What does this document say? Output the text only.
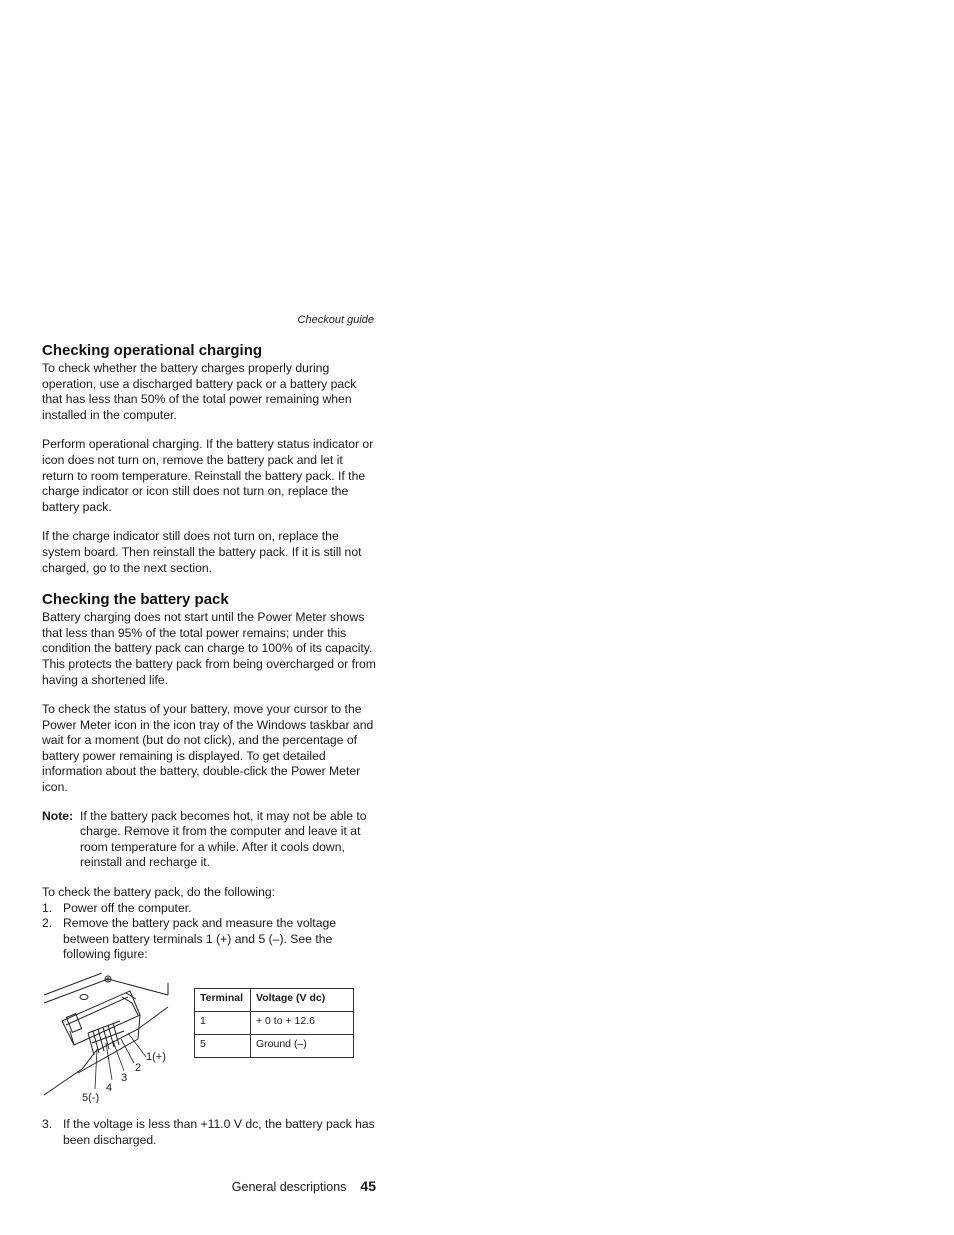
Checkout guide
Checking operational charging

To check whether the battery charges properly during operation, use a discharged battery pack or a battery pack that has less than 50% of the total power remaining when installed in the computer.

Perform operational charging. If the battery status indicator or icon does not turn on, remove the battery pack and let it return to room temperature. Reinstall the battery pack. If the charge indicator or icon still does not turn on, replace the battery pack.

If the charge indicator still does not turn on, replace the system board. Then reinstall the battery pack. If it is still not charged, go to the next section.

Checking the battery pack

Battery charging does not start until the Power Meter shows that less than 95% of the total power remains; under this condition the battery pack can charge to 100% of its capacity. This protects the battery pack from being overcharged or from having a shortened life.

To check the status of your battery, move your cursor to the Power Meter icon in the icon tray of the Windows taskbar and wait for a moment (but do not click), and the percentage of battery power remaining is displayed. To get detailed information about the battery, double-click the Power Meter icon.

Note: If the battery pack becomes hot, it may not be able to charge. Remove it from the computer and leave it at room temperature for a while. After it cools down, reinstall and recharge it.

To check the battery pack, do the following:

1. Power off the computer.
2. Remove the battery pack and measure the voltage between battery terminals 1 (+) and 5 (–). See the following figure:
1(+)
2
3
4
5(-)
Terminal	Voltage (V dc)
1	+ 0 to + 12.6
5	Ground (–)
3. If the voltage is less than +11.0 V dc, the battery pack has been discharged.
General descriptions 45
